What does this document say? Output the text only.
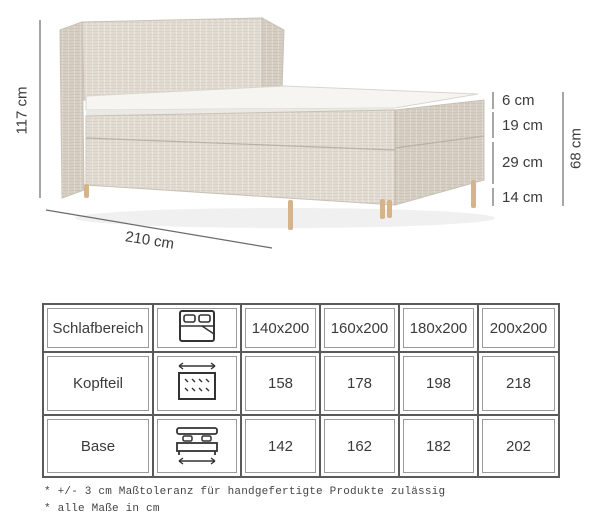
117 cm
210 cm
6 cm
19 cm
29 cm
14 cm
68 cm
Schlafbereich		140x200	160x200	180x200	200x200
Kopfteil		158	178	198	218
Base		142	162	182	202
* +/- 3 cm Maßtoleranz für handgefertigte Produkte zulässig
* alle Maße in cm
